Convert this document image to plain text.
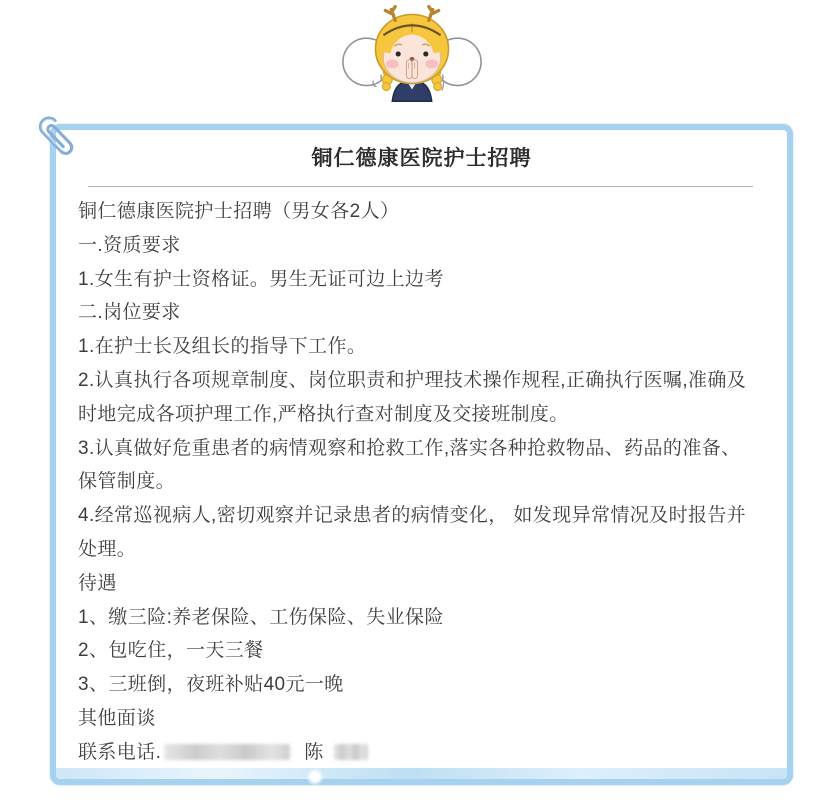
铜仁德康医院护士招聘
铜仁德康医院护士招聘（男女各2人）
一.资质要求
1.女生有护士资格证。男生无证可边上边考
二.岗位要求
1.在护士长及组长的指导下工作。
2.认真执行各项规章制度、岗位职责和护理技术操作规程,正确执行医嘱,准确及
时地完成各项护理工作,严格执行查对制度及交接班制度。
3.认真做好危重患者的病情观察和抢救工作,落实各种抢救物品、药品的准备、
保管制度。
4.经常巡视病人,密切观察并记录患者的病情变化， 如发现异常情况及时报告并
处理。
待遇
1、缴三险:养老保险、工伤保险、失业保险
2、包吃住，一天三餐
3、三班倒，夜班补贴40元一晚
其他面谈
联系电话.	陈
